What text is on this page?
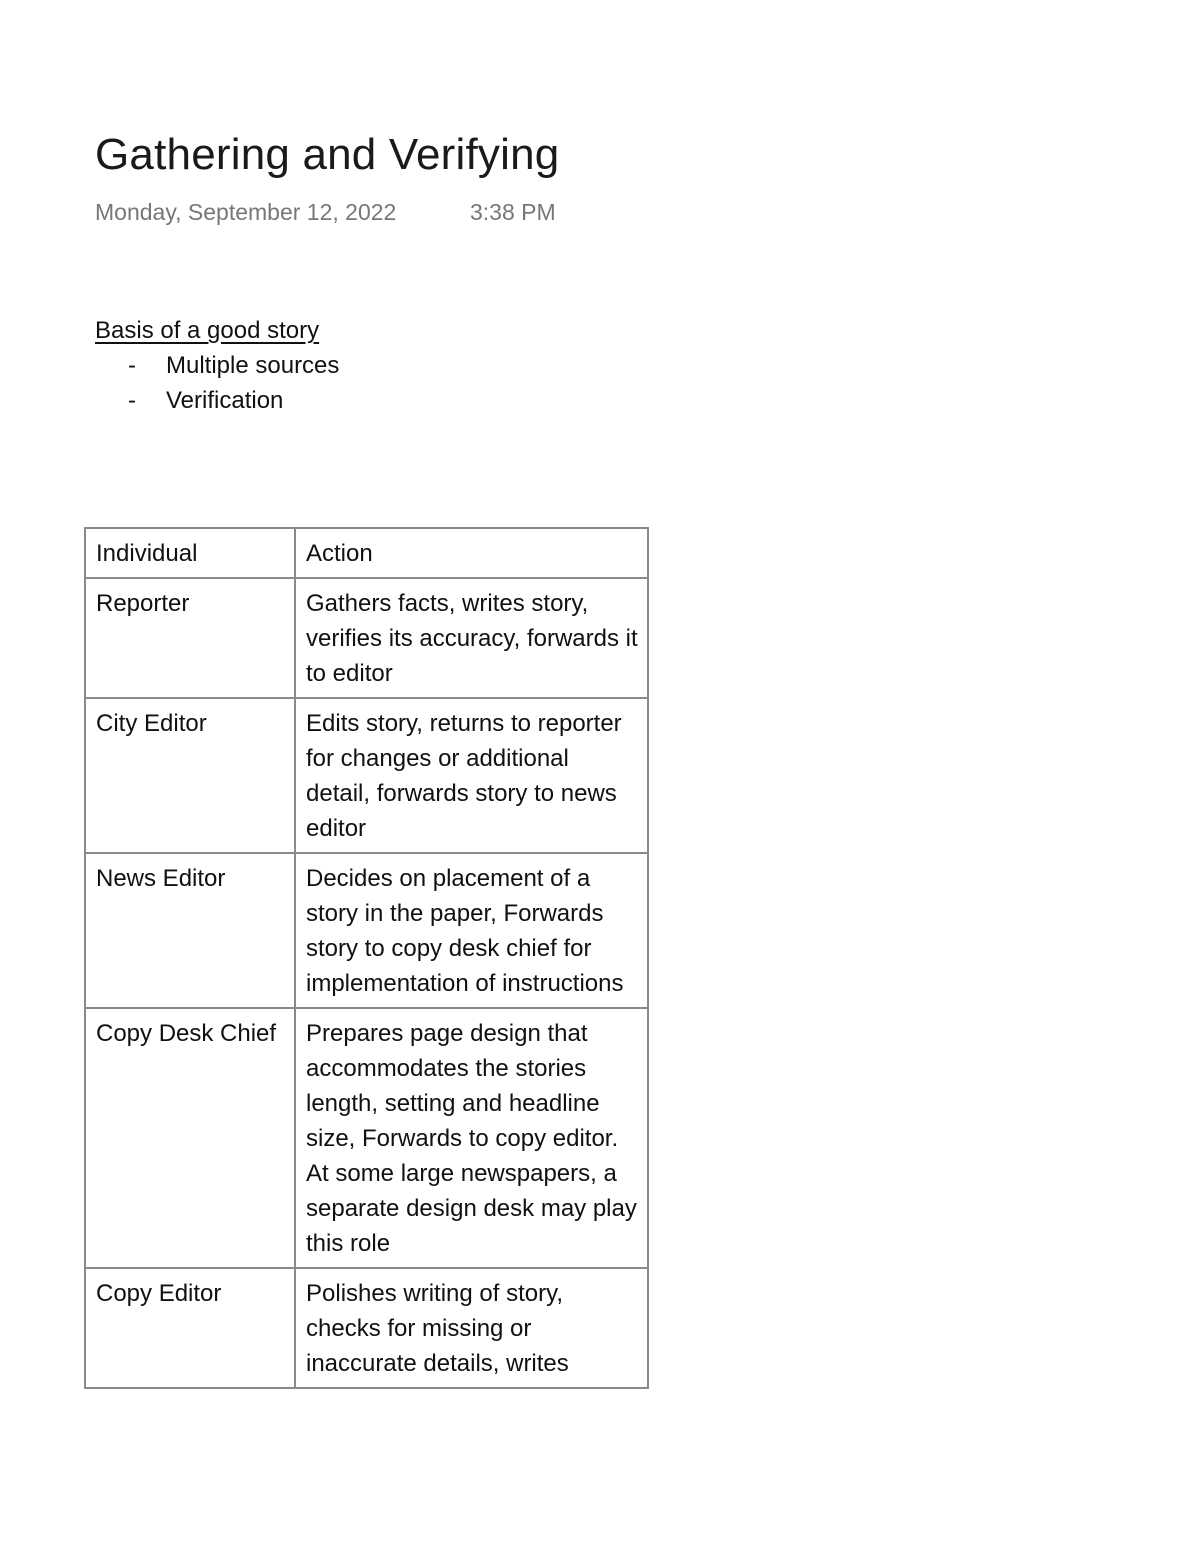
Gathering and Verifying
Monday, September 12, 2022	3:38 PM
Basis of a good story
-	Multiple sources
-	Verification
Individual	Action
Reporter	Gathers facts, writes story, verifies its accuracy, forwards it to editor
City Editor	Edits story, returns to reporter for changes or additional detail, forwards story to news editor
News Editor	Decides on placement of a story in the paper, Forwards story to copy desk chief for implementation of instructions
Copy Desk Chief	Prepares page design that accommodates the stories length, setting and headline size, Forwards to copy editor. At some large newspapers, a separate design desk may play this role
Copy Editor	Polishes writing of story, checks for missing or inaccurate details, writes
